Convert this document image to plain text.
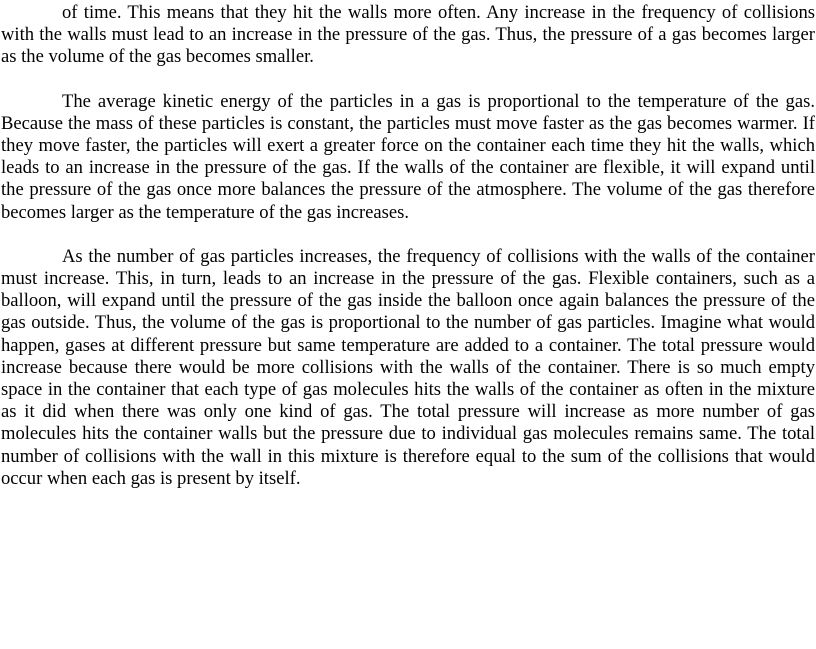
of time. This means that they hit the walls more often. Any increase in the frequency of collisions with the walls must lead to an increase in the pressure of the gas. Thus, the pressure of a gas becomes larger as the volume of the gas becomes smaller.

The average kinetic energy of the particles in a gas is proportional to the temperature of the gas. Because the mass of these particles is constant, the particles must move faster as the gas becomes warmer. If they move faster, the particles will exert a greater force on the container each time they hit the walls, which leads to an increase in the pressure of the gas. If the walls of the container are flexible, it will expand until the pressure of the gas once more balances the pressure of the atmosphere. The volume of the gas therefore becomes larger as the temperature of the gas increases.

As the number of gas particles increases, the frequency of collisions with the walls of the container must increase. This, in turn, leads to an increase in the pressure of the gas. Flexible containers, such as a balloon, will expand until the pressure of the gas inside the balloon once again balances the pressure of the gas outside. Thus, the volume of the gas is proportional to the number of gas particles. Imagine what would happen, gases at different pressure but same temperature are added to a container. The total pressure would increase because there would be more collisions with the walls of the container. There is so much empty space in the container that each type of gas molecules hits the walls of the container as often in the mixture as it did when there was only one kind of gas. The total pressure will increase as more number of gas molecules hits the container walls but the pressure due to individual gas molecules remains same. The total number of collisions with the wall in this mixture is therefore equal to the sum of the collisions that would occur when each gas is present by itself.
